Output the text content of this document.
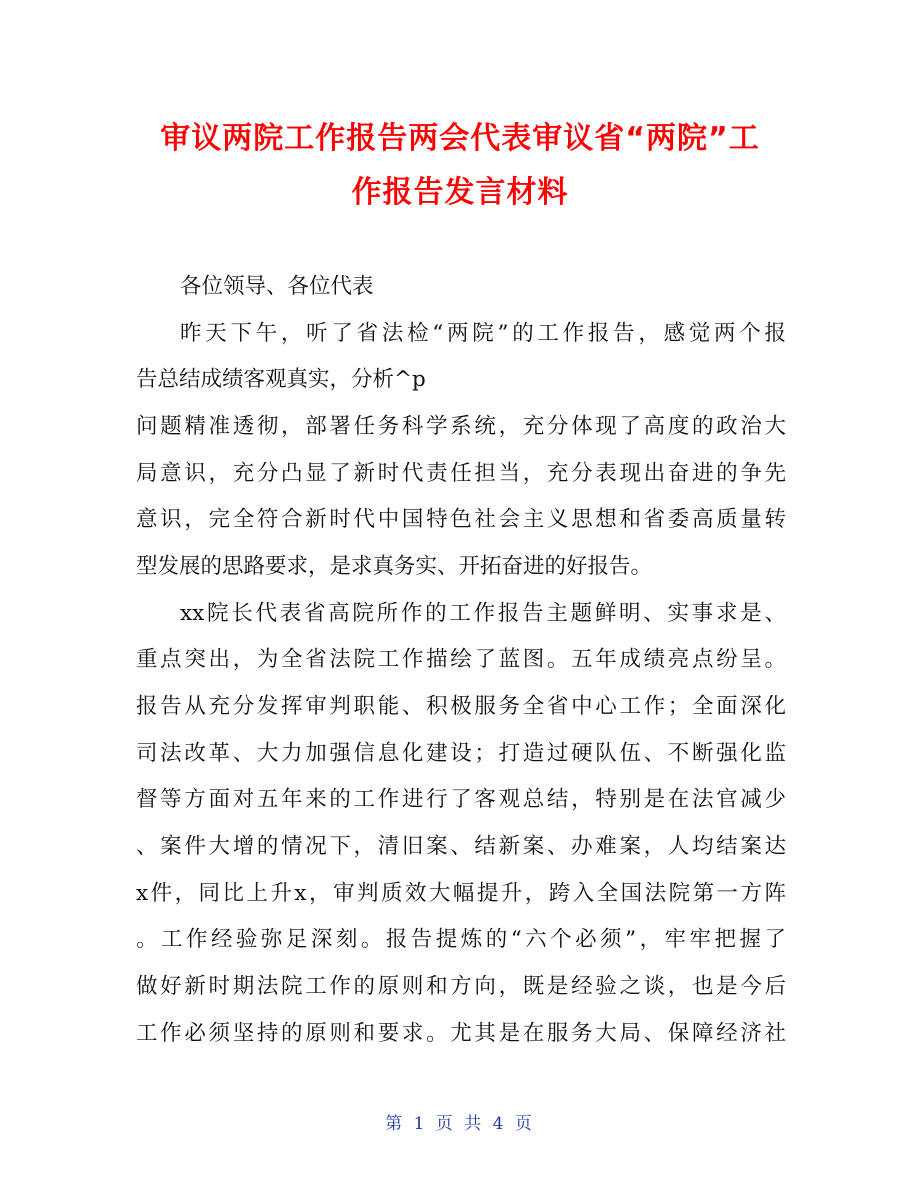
审议两院工作报告两会代表审议省“两院”工
作报告发言材料
各位领导、各位代表
昨天下午，听了省法检“两院”的工作报告，感觉两个报
告总结成绩客观真实，分析^p
问题精准透彻，部署任务科学系统，充分体现了高度的政治大
局意识，充分凸显了新时代责任担当，充分表现出奋进的争先
意识，完全符合新时代中国特色社会主义思想和省委高质量转
型发展的思路要求，是求真务实、开拓奋进的好报告。
xx院长代表省高院所作的工作报告主题鲜明、实事求是、
重点突出，为全省法院工作描绘了蓝图。五年成绩亮点纷呈。
报告从充分发挥审判职能、积极服务全省中心工作；全面深化
司法改革、大力加强信息化建设；打造过硬队伍、不断强化监
督等方面对五年来的工作进行了客观总结，特别是在法官减少
、案件大增的情况下，清旧案、结新案、办难案，人均结案达
x件，同比上升x，审判质效大幅提升，跨入全国法院第一方阵
。工作经验弥足深刻。报告提炼的“六个必须”，牢牢把握了
做好新时期法院工作的原则和方向，既是经验之谈，也是今后
工作必须坚持的原则和要求。尤其是在服务大局、保障经济社
第 1 页 共 4 页
